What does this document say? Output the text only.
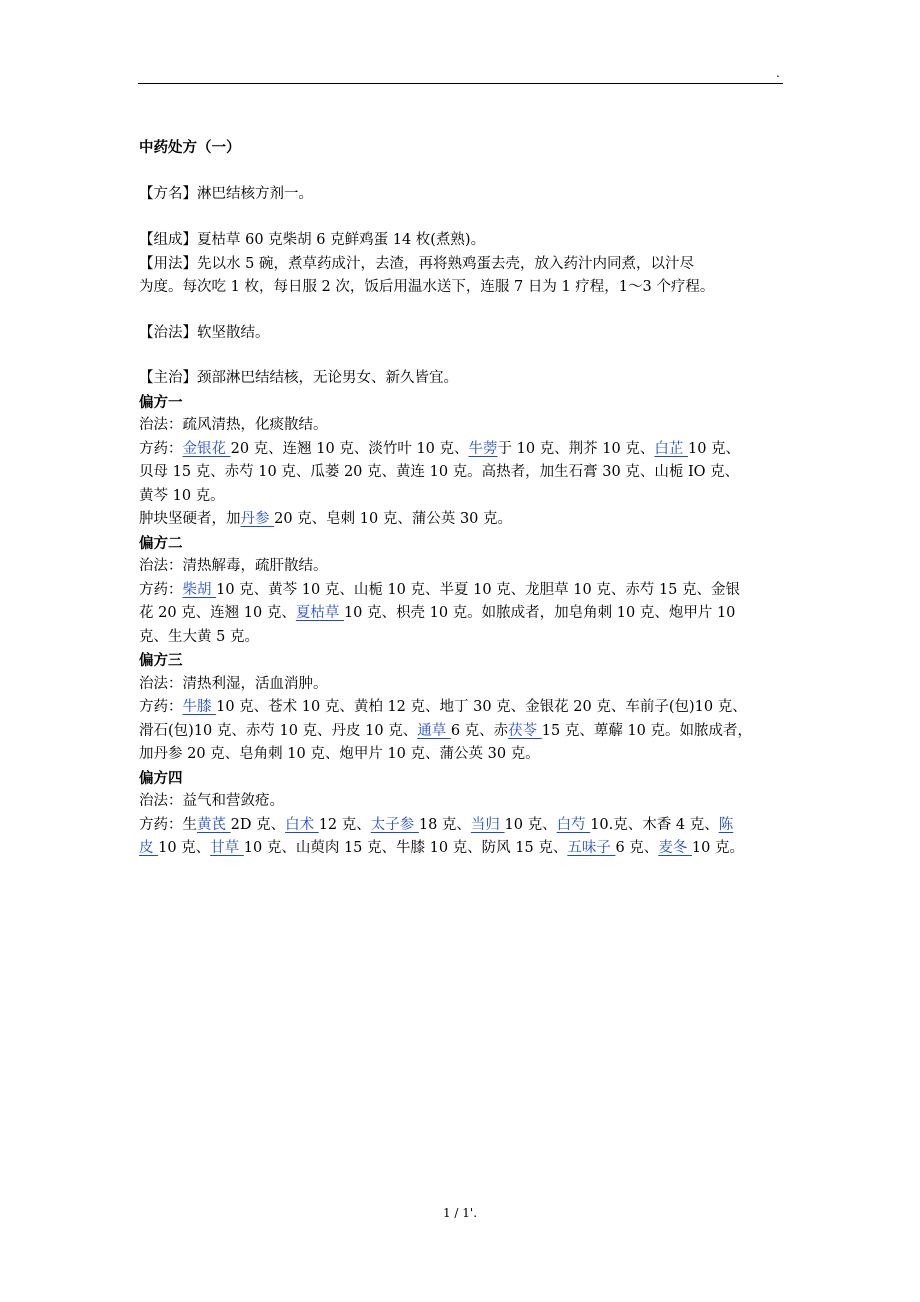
.

中药处方（一）

【方名】淋巴结核方剂一。

【组成】夏枯草 60 克柴胡 6 克鲜鸡蛋 14 枚(煮熟)。

【用法】先以水 5 碗，煮草药成汁，去渣，再将熟鸡蛋去壳，放入药汁内同煮，以汁尽

为度。每次吃 1 枚，每日服 2 次，饭后用温水送下，连服 7 日为 1 疗程，1～3 个疗程。

【治法】软坚散结。

【主治】颈部淋巴结结核，无论男女、新久皆宜。

偏方一

治法：疏风清热，化痰散结。

方药：金银花 20 克、连翘 10 克、淡竹叶 10 克、牛蒡于 10 克、荆芥 10 克、白芷 10 克、

贝母 15 克、赤芍 10 克、瓜蒌 20 克、黄连 10 克。高热者，加生石膏 30 克、山栀 IO 克、

黄芩 10 克。

肿块坚硬者，加丹参 20 克、皂刺 10 克、蒲公英 30 克。

偏方二

治法：清热解毒，疏肝散结。

方药：柴胡 10 克、黄芩 10 克、山栀 10 克、半夏 10 克、龙胆草 10 克、赤芍 15 克、金银

花 20 克、连翘 10 克、夏枯草 10 克、枳壳 10 克。如脓成者，加皂角刺 10 克、炮甲片 10

克、生大黄 5 克。

偏方三

治法：清热利湿，活血消肿。

方药：牛膝 10 克、苍术 10 克、黄柏 12 克、地丁 30 克、金银花 20 克、车前子(包)10 克、

滑石(包)10 克、赤芍 10 克、丹皮 10 克、通草 6 克、赤茯苓 15 克、萆薢 10 克。如脓成者，

加丹参 20 克、皂角刺 10 克、炮甲片 10 克、蒲公英 30 克。

偏方四

治法：益气和营敛疮。

方药：生黄芪 2D 克、白术 12 克、太子参 18 克、当归 10 克、白芍 10.克、木香 4 克、陈

皮 10 克、甘草 10 克、山萸肉 15 克、牛膝 10 克、防风 15 克、五味子 6 克、麦冬 10 克。

1 / 1'.
